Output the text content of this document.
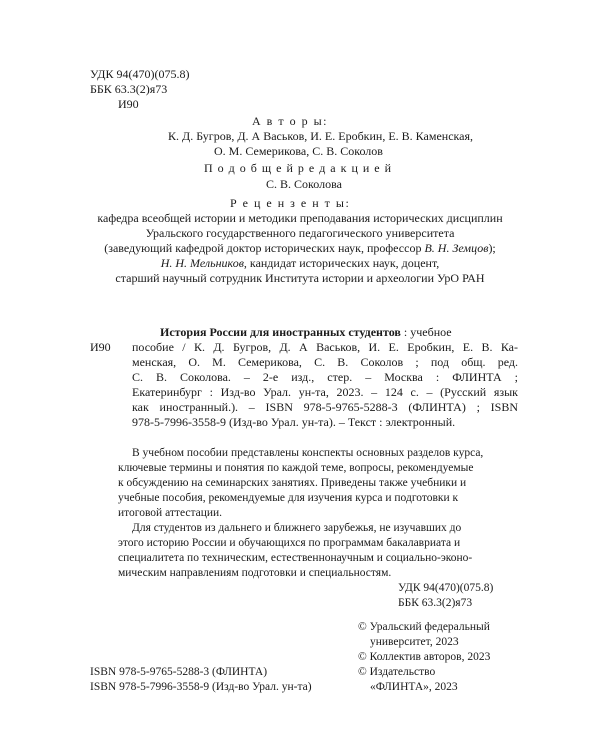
УДК 94(470)(075.8)
ББК 63.3(2)я73
И90
А в т о р ы:
К. Д. Бугров, Д. А Васьков, И. Е. Еробкин, Е. В. Каменская,
О. М. Семерикова, С. В. Соколов
П о д о б щ е й р е д а к ц и е й
С. В. Соколова
Р е ц е н з е н т ы:
кафедра всеобщей истории и методики преподавания исторических дисциплин
Уральского государственного педагогического университета
(заведующий кафедрой доктор исторических наук, профессор В. Н. Земцов);
Н. Н. Мельников, кандидат исторических наук, доцент,
старший научный сотрудник Института истории и археологии УрО РАН
И90
История России для иностранных студентов : учебное
пособие / К. Д. Бугров, Д. А Васьков, И. Е. Еробкин, Е. В. Ка-
менская, О. М. Семерикова, С. В. Соколов ; под общ. ред.
С. В. Соколова. – 2-е изд., стер. – Москва : ФЛИНТА ;
Екатеринбург : Изд-во Урал. ун-та, 2023. – 124 с. – (Русский язык
как иностранный.). – ISBN 978-5-9765-5288-3 (ФЛИНТА) ; ISBN
978-5-7996-3558-9 (Изд-во Урал. ун-та). – Текст : электронный.
В учебном пособии представлены конспекты основных разделов курса,
ключевые термины и понятия по каждой теме, вопросы, рекомендуемые
к обсуждению на семинарских занятиях. Приведены также учебники и
учебные пособия, рекомендуемые для изучения курса и подготовки к
итоговой аттестации.
Для студентов из дальнего и ближнего зарубежья, не изучавших до
этого историю России и обучающихся по программам бакалавриата и
специалитета по техническим, естественнонаучным и социально-эконо-
мическим направлениям подготовки и специальностям.
УДК 94(470)(075.8)
ББК 63.3(2)я73
© Уральский федеральный
университет, 2023
© Коллектив авторов, 2023
© Издательство
«ФЛИНТА», 2023
ISBN 978-5-9765-5288-3 (ФЛИНТА)
ISBN 978-5-7996-3558-9 (Изд-во Урал. ун-та)
